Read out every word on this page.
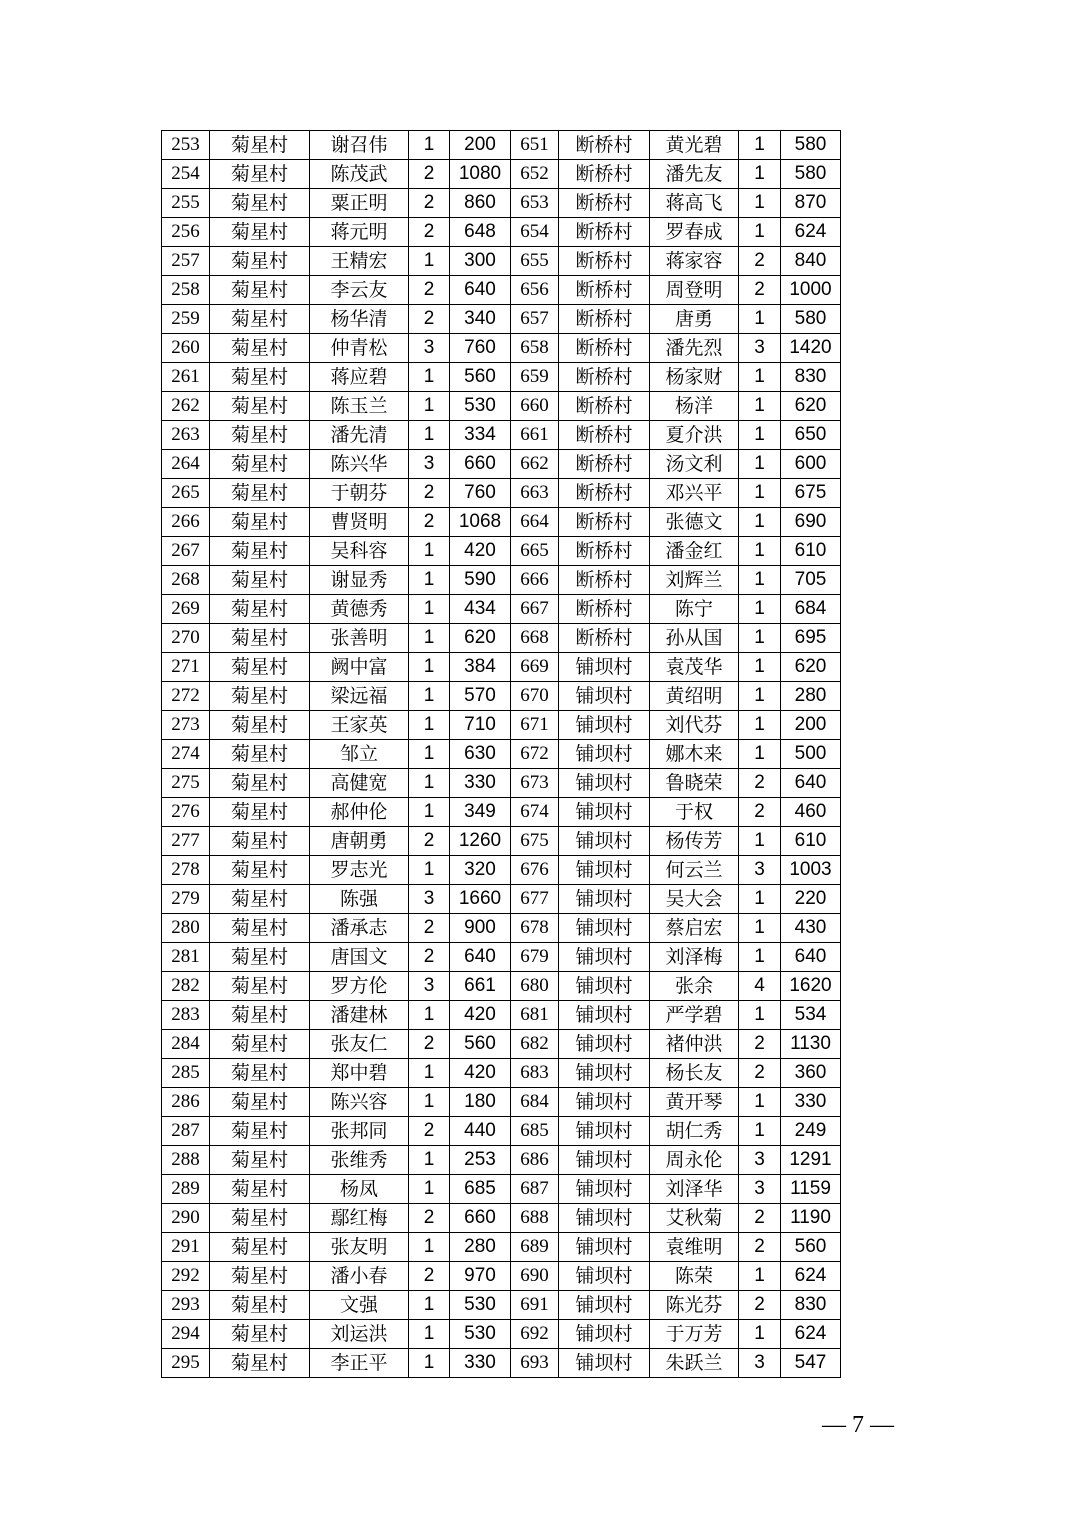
253	菊星村	谢召伟	1	200	651	断桥村	黄光碧	1	580
254	菊星村	陈茂武	2	1080	652	断桥村	潘先友	1	580
255	菊星村	粟正明	2	860	653	断桥村	蒋高飞	1	870
256	菊星村	蒋元明	2	648	654	断桥村	罗春成	1	624
257	菊星村	王精宏	1	300	655	断桥村	蒋家容	2	840
258	菊星村	李云友	2	640	656	断桥村	周登明	2	1000
259	菊星村	杨华清	2	340	657	断桥村	唐勇	1	580
260	菊星村	仲青松	3	760	658	断桥村	潘先烈	3	1420
261	菊星村	蒋应碧	1	560	659	断桥村	杨家财	1	830
262	菊星村	陈玉兰	1	530	660	断桥村	杨洋	1	620
263	菊星村	潘先清	1	334	661	断桥村	夏介洪	1	650
264	菊星村	陈兴华	3	660	662	断桥村	汤文利	1	600
265	菊星村	于朝芬	2	760	663	断桥村	邓兴平	1	675
266	菊星村	曹贤明	2	1068	664	断桥村	张德文	1	690
267	菊星村	吴科容	1	420	665	断桥村	潘金红	1	610
268	菊星村	谢显秀	1	590	666	断桥村	刘辉兰	1	705
269	菊星村	黄德秀	1	434	667	断桥村	陈宁	1	684
270	菊星村	张善明	1	620	668	断桥村	孙从国	1	695
271	菊星村	阙中富	1	384	669	铺坝村	袁茂华	1	620
272	菊星村	梁远福	1	570	670	铺坝村	黄绍明	1	280
273	菊星村	王家英	1	710	671	铺坝村	刘代芬	1	200
274	菊星村	邹立	1	630	672	铺坝村	娜木来	1	500
275	菊星村	高健宽	1	330	673	铺坝村	鲁晓荣	2	640
276	菊星村	郝仲伦	1	349	674	铺坝村	于权	2	460
277	菊星村	唐朝勇	2	1260	675	铺坝村	杨传芳	1	610
278	菊星村	罗志光	1	320	676	铺坝村	何云兰	3	1003
279	菊星村	陈强	3	1660	677	铺坝村	吴大会	1	220
280	菊星村	潘承志	2	900	678	铺坝村	蔡启宏	1	430
281	菊星村	唐国文	2	640	679	铺坝村	刘泽梅	1	640
282	菊星村	罗方伦	3	661	680	铺坝村	张余	4	1620
283	菊星村	潘建林	1	420	681	铺坝村	严学碧	1	534
284	菊星村	张友仁	2	560	682	铺坝村	褚仲洪	2	1130
285	菊星村	郑中碧	1	420	683	铺坝村	杨长友	2	360
286	菊星村	陈兴容	1	180	684	铺坝村	黄开琴	1	330
287	菊星村	张邦同	2	440	685	铺坝村	胡仁秀	1	249
288	菊星村	张维秀	1	253	686	铺坝村	周永伦	3	1291
289	菊星村	杨凤	1	685	687	铺坝村	刘泽华	3	1159
290	菊星村	鄢红梅	2	660	688	铺坝村	艾秋菊	2	1190
291	菊星村	张友明	1	280	689	铺坝村	袁维明	2	560
292	菊星村	潘小春	2	970	690	铺坝村	陈荣	1	624
293	菊星村	文强	1	530	691	铺坝村	陈光芬	2	830
294	菊星村	刘运洪	1	530	692	铺坝村	于万芳	1	624
295	菊星村	李正平	1	330	693	铺坝村	朱跃兰	3	547
— 7 —
